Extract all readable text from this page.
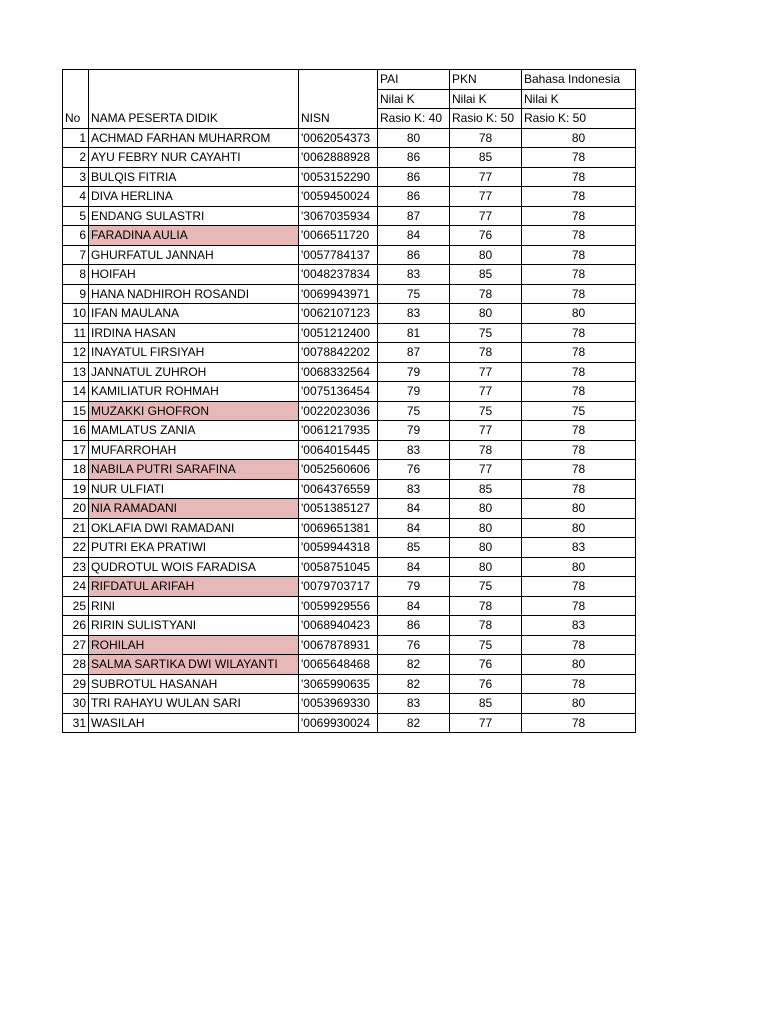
			PAI	PKN	Bahasa Indonesia
			Nilai K	Nilai K	Nilai K
No	NAMA PESERTA DIDIK	NISN	Rasio K: 40	Rasio K: 50	Rasio K: 50
1	ACHMAD FARHAN MUHARROM	'0062054373	80	78	80
2	AYU FEBRY NUR CAYAHTI	'0062888928	86	85	78
3	BULQIS FITRIA	'0053152290	86	77	78
4	DIVA HERLINA	'0059450024	86	77	78
5	ENDANG SULASTRI	'3067035934	87	77	78
6	FARADINA AULIA	'0066511720	84	76	78
7	GHURFATUL JANNAH	'0057784137	86	80	78
8	HOIFAH	'0048237834	83	85	78
9	HANA NADHIROH ROSANDI	'0069943971	75	78	78
10	IFAN MAULANA	'0062107123	83	80	80
11	IRDINA HASAN	'0051212400	81	75	78
12	INAYATUL FIRSIYAH	'0078842202	87	78	78
13	JANNATUL ZUHROH	'0068332564	79	77	78
14	KAMILIATUR ROHMAH	'0075136454	79	77	78
15	MUZAKKI GHOFRON	'0022023036	75	75	75
16	MAMLATUS ZANIA	'0061217935	79	77	78
17	MUFARROHAH	'0064015445	83	78	78
18	NABILA PUTRI SARAFINA	'0052560606	76	77	78
19	NUR ULFIATI	'0064376559	83	85	78
20	NIA RAMADANI	'0051385127	84	80	80
21	OKLAFIA DWI RAMADANI	'0069651381	84	80	80
22	PUTRI EKA PRATIWI	'0059944318	85	80	83
23	QUDROTUL WOIS FARADISA	'0058751045	84	80	80
24	RIFDATUL ARIFAH	'0079703717	79	75	78
25	RINI	'0059929556	84	78	78
26	RIRIN SULISTYANI	'0068940423	86	78	83
27	ROHILAH	'0067878931	76	75	78
28	SALMA SARTIKA DWI WILAYANTI	'0065648468	82	76	80
29	SUBROTUL HASANAH	'3065990635	82	76	78
30	TRI RAHAYU WULAN SARI	'0053969330	83	85	80
31	WASILAH	'0069930024	82	77	78
